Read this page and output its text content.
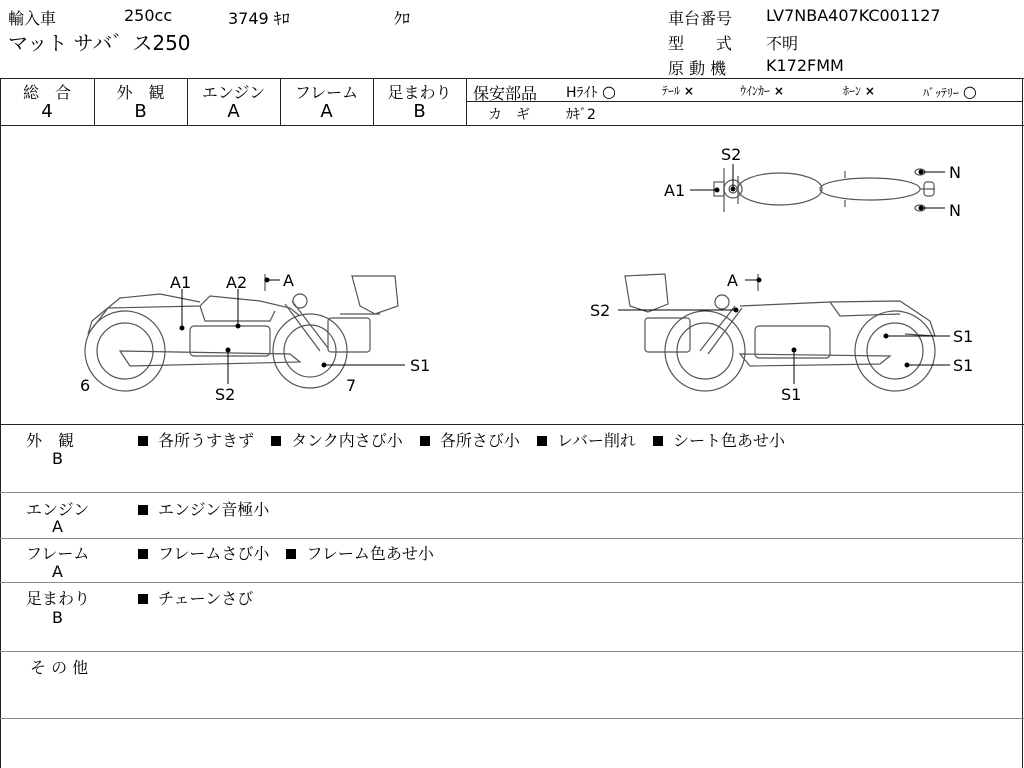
輸入車	250cc	3749 ｷﾛ	ｸﾛ
マット サバ゛ス250
車台番号 LV7NBA407KC001127
型　　式 不明
原 動 機 K172FMM
総　合	外　観	エンジン	フレーム	足まわり
4	B	A	A	B
保安部品 Hﾗｲﾄ ○	ﾃｰﾙ ×	ｳｲﾝｶｰ ×	ﾎｰﾝ ×	ﾊﾞｯﾃﾘｰ ○
カ　ギ	ｶｷﾞ2
S2
A1
N
N
A1 A2 A
6	S2
S1
7
A
S2
S1
S1
S1
外　観
B
各所うすきず タンク内さび小 各所さび小 レバー削れ シート色あせ小
エンジン
A
エンジン音極小
フレーム
A
フレームさび小 フレーム色あせ小
足まわり
B
チェーンさび
そ の 他
